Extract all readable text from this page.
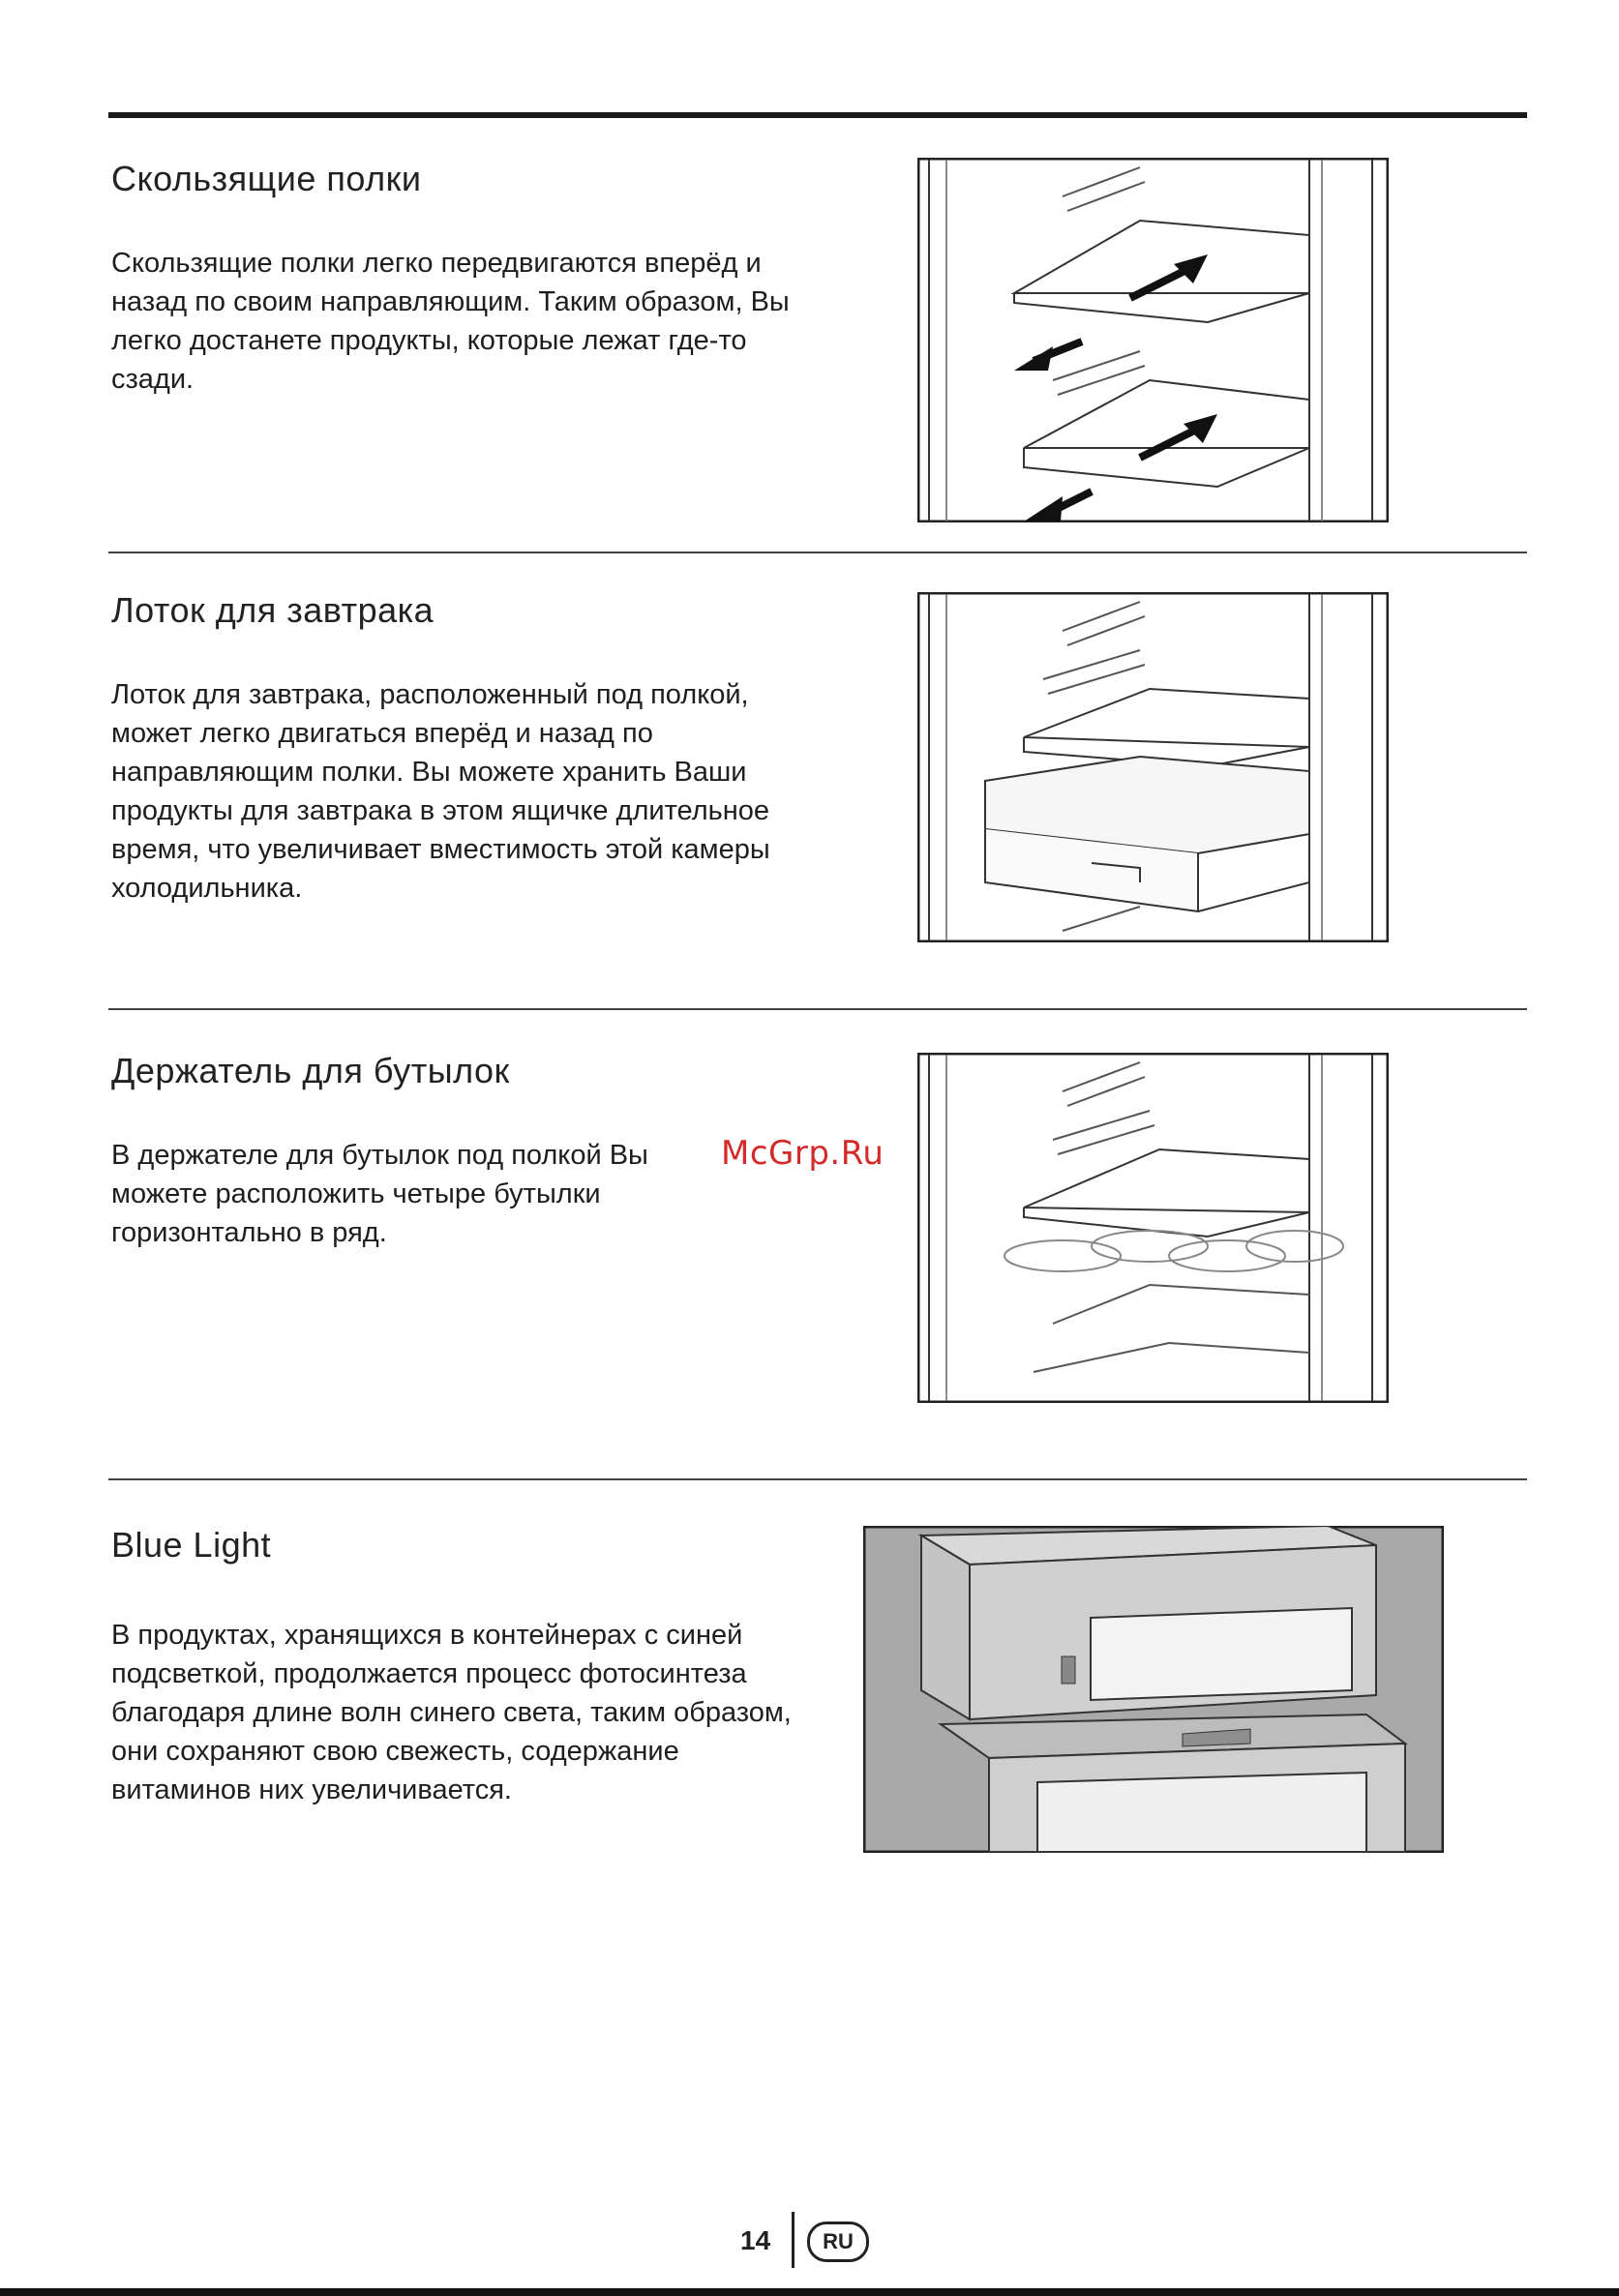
Скользящие полки

Скользящие полки легко передвигаются вперёд и назад по своим направляющим. Таким образом, Вы легко достанете продукты, которые лежат где-то сзади.

Лоток для завтрака

Лоток для завтрака, расположенный под полкой, может легко двигаться вперёд и назад по направляющим полки. Вы можете хранить Ваши продукты для завтрака в этом ящичке длительное время, что увеличивает вместимость этой камеры холодильника.

Держатель для бутылок

В держателе для бутылок под полкой Вы можете расположить четыре бутылки горизонтально в ряд.

McGrp.Ru
Blue Light

В продуктах, хранящихся в контейнерах с синей подсветкой, продолжается процесс фотосинтеза благодаря длине волн синего света, таким образом, они сохраняют свою свежесть, содержание витаминов них увеличивается.

14	RU
